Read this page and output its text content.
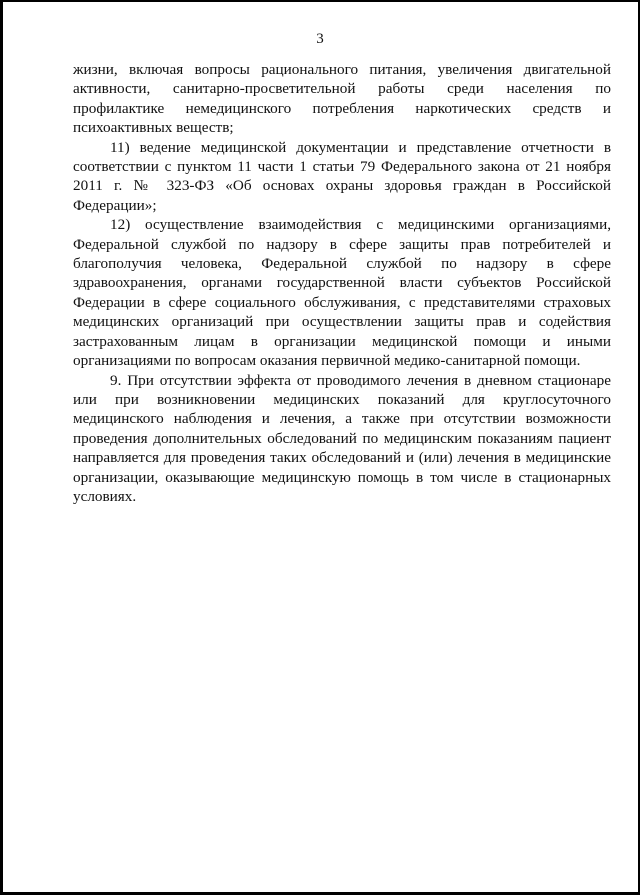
3

жизни, включая вопросы рационального питания, увеличения двигательной активности, санитарно-просветительной работы среди населения по профилактике немедицинского потребления наркотических средств и психоактивных веществ;

11) ведение медицинской документации и представление отчетности в соответствии с пунктом 11 части 1 статьи 79 Федерального закона от 21 ноября 2011 г. № 323-ФЗ «Об основах охраны здоровья граждан в Российской Федерации»;

12) осуществление взаимодействия с медицинскими организациями, Федеральной службой по надзору в сфере защиты прав потребителей и благополучия человека, Федеральной службой по надзору в сфере здравоохранения, органами государственной власти субъектов Российской Федерации в сфере социального обслуживания, с представителями страховых медицинских организаций при осуществлении защиты прав и содействия застрахованным лицам в организации медицинской помощи и иными организациями по вопросам оказания первичной медико-санитарной помощи.

9. При отсутствии эффекта от проводимого лечения в дневном стационаре или при возникновении медицинских показаний для круглосуточного медицинского наблюдения и лечения, а также при отсутствии возможности проведения дополнительных обследований по медицинским показаниям пациент направляется для проведения таких обследований и (или) лечения в медицинские организации, оказывающие медицинскую помощь в том числе в стационарных условиях.
